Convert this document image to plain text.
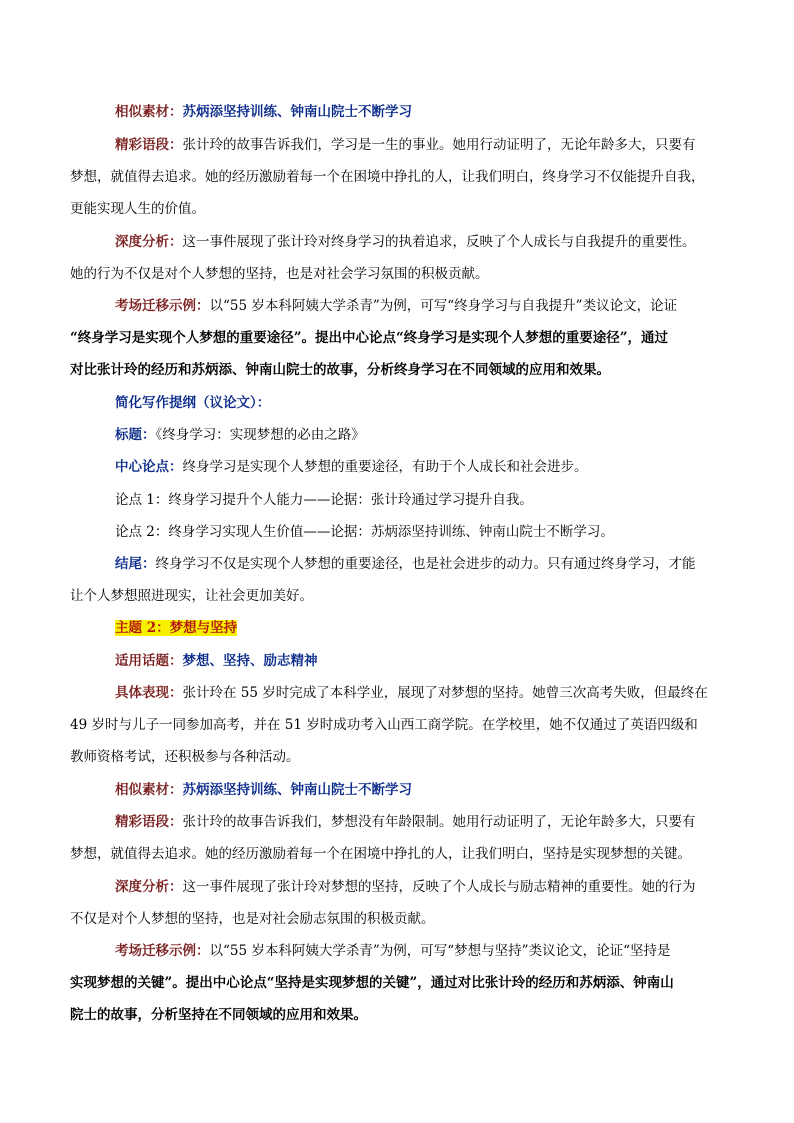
相似素材：苏炳添坚持训练、钟南山院士不断学习
精彩语段：张计玲的故事告诉我们，学习是一生的事业。她用行动证明了，无论年龄多大，只要有
梦想，就值得去追求。她的经历激励着每一个在困境中挣扎的人，让我们明白，终身学习不仅能提升自我，
更能实现人生的价值。
深度分析：这一事件展现了张计玲对终身学习的执着追求，反映了个人成长与自我提升的重要性。
她的行为不仅是对个人梦想的坚持，也是对社会学习氛围的积极贡献。
考场迁移示例：以“55 岁本科阿姨大学杀青”为例，可写“终身学习与自我提升”类议论文，论证
“终身学习是实现个人梦想的重要途径”。提出中心论点“终身学习是实现个人梦想的重要途径”，通过
对比张计玲的经历和苏炳添、钟南山院士的故事，分析终身学习在不同领域的应用和效果。
简化写作提纲（议论文）：
标题：《终身学习：实现梦想的必由之路》
中心论点：终身学习是实现个人梦想的重要途径，有助于个人成长和社会进步。
论点 1：终身学习提升个人能力——论据：张计玲通过学习提升自我。
论点 2：终身学习实现人生价值——论据：苏炳添坚持训练、钟南山院士不断学习。
结尾：终身学习不仅是实现个人梦想的重要途径，也是社会进步的动力。只有通过终身学习，才能
让个人梦想照进现实，让社会更加美好。
主题 2：梦想与坚持
适用话题：梦想、坚持、励志精神
具体表现：张计玲在 55 岁时完成了本科学业，展现了对梦想的坚持。她曾三次高考失败，但最终在
49 岁时与儿子一同参加高考，并在 51 岁时成功考入山西工商学院。在学校里，她不仅通过了英语四级和
教师资格考试，还积极参与各种活动。
相似素材：苏炳添坚持训练、钟南山院士不断学习
精彩语段：张计玲的故事告诉我们，梦想没有年龄限制。她用行动证明了，无论年龄多大，只要有
梦想，就值得去追求。她的经历激励着每一个在困境中挣扎的人，让我们明白，坚持是实现梦想的关键。
深度分析：这一事件展现了张计玲对梦想的坚持，反映了个人成长与励志精神的重要性。她的行为
不仅是对个人梦想的坚持，也是对社会励志氛围的积极贡献。
考场迁移示例：以“55 岁本科阿姨大学杀青”为例，可写“梦想与坚持”类议论文，论证“坚持是
实现梦想的关键”。提出中心论点“坚持是实现梦想的关键”，通过对比张计玲的经历和苏炳添、钟南山
院士的故事，分析坚持在不同领域的应用和效果。
